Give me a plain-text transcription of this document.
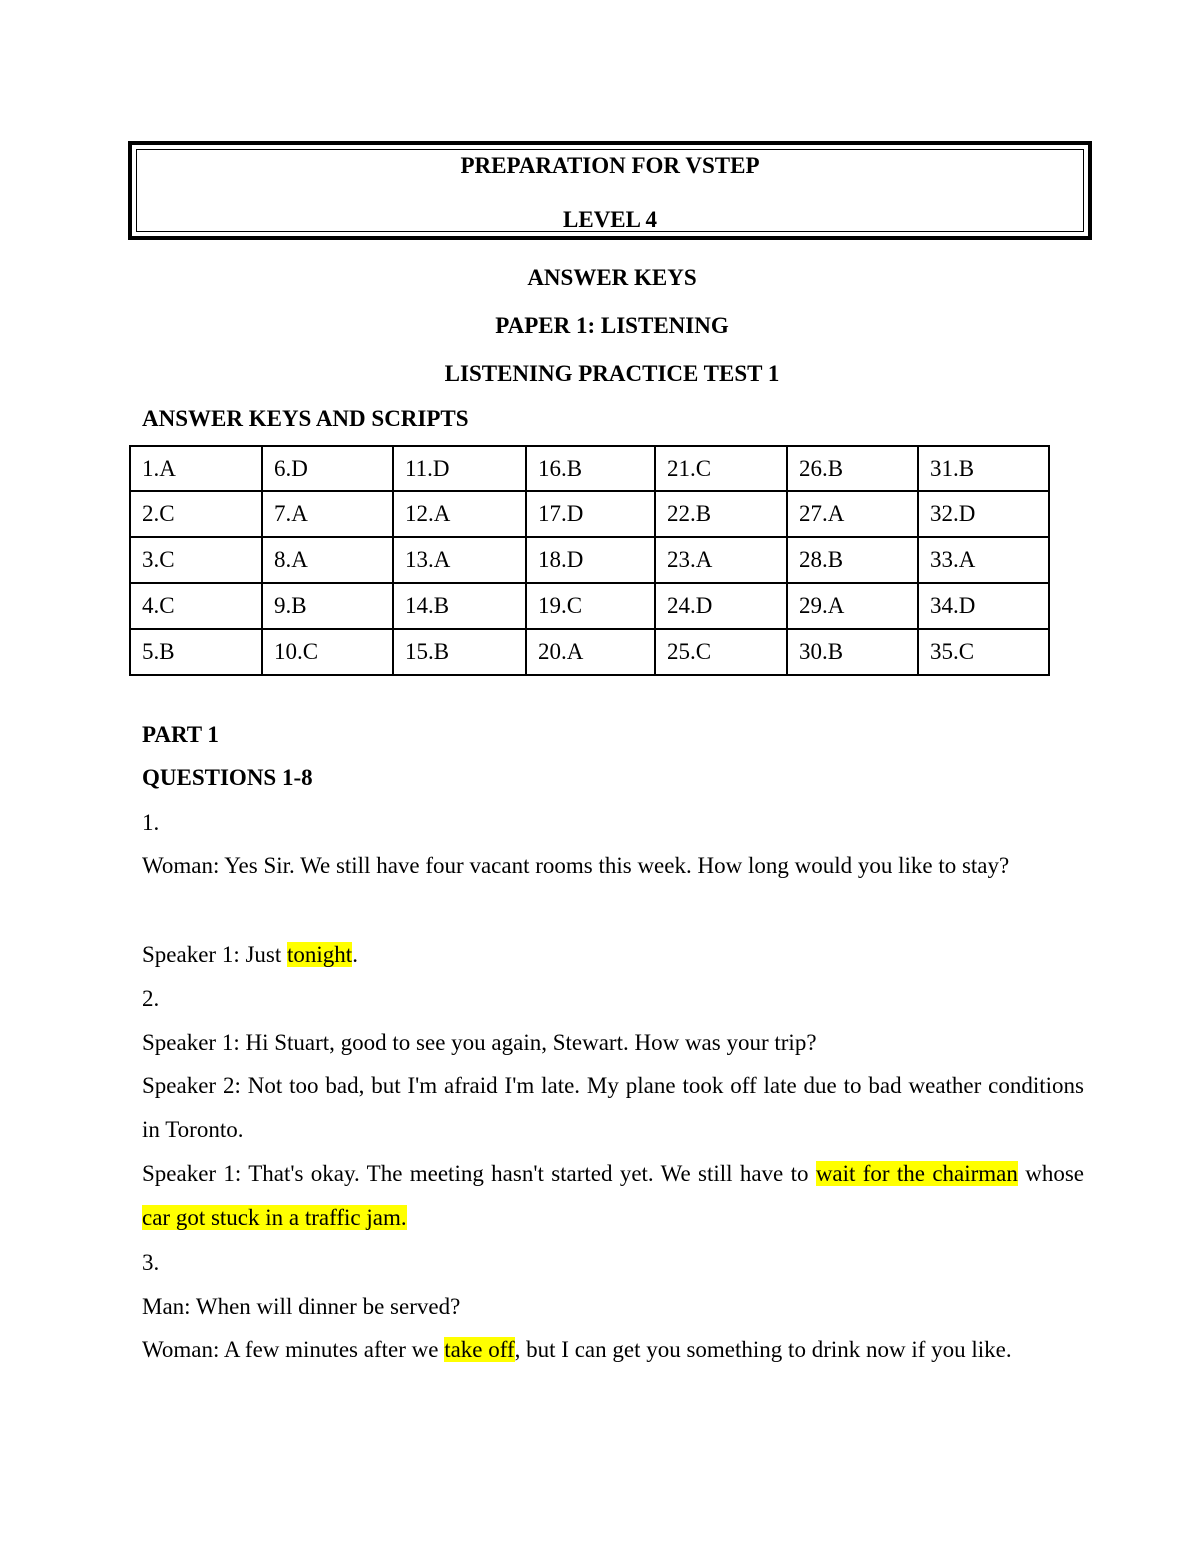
PREPARATION FOR VSTEP
LEVEL 4
ANSWER KEYS
PAPER 1: LISTENING
LISTENING PRACTICE TEST 1
ANSWER KEYS AND SCRIPTS
1.A	6.D	11.D	16.B	21.C	26.B	31.B
2.C	7.A	12.A	17.D	22.B	27.A	32.D
3.C	8.A	13.A	18.D	23.A	28.B	33.A
4.C	9.B	14.B	19.C	24.D	29.A	34.D
5.B	10.C	15.B	20.A	25.C	30.B	35.C
PART 1
QUESTIONS 1-8
1.
Woman: Yes Sir. We still have four vacant rooms this week. How long would you like to stay?
Speaker 1: Just tonight.
2.
Speaker 1: Hi Stuart, good to see you again, Stewart. How was your trip?
Speaker 2: Not too bad, but I'm afraid I'm late. My plane took off late due to bad weather conditions in Toronto.
Speaker 1: That's okay. The meeting hasn't started yet. We still have to wait for the chairman whose car got stuck in a traffic jam.
3.
Man: When will dinner be served?
Woman: A few minutes after we take off, but I can get you something to drink now if you like.
